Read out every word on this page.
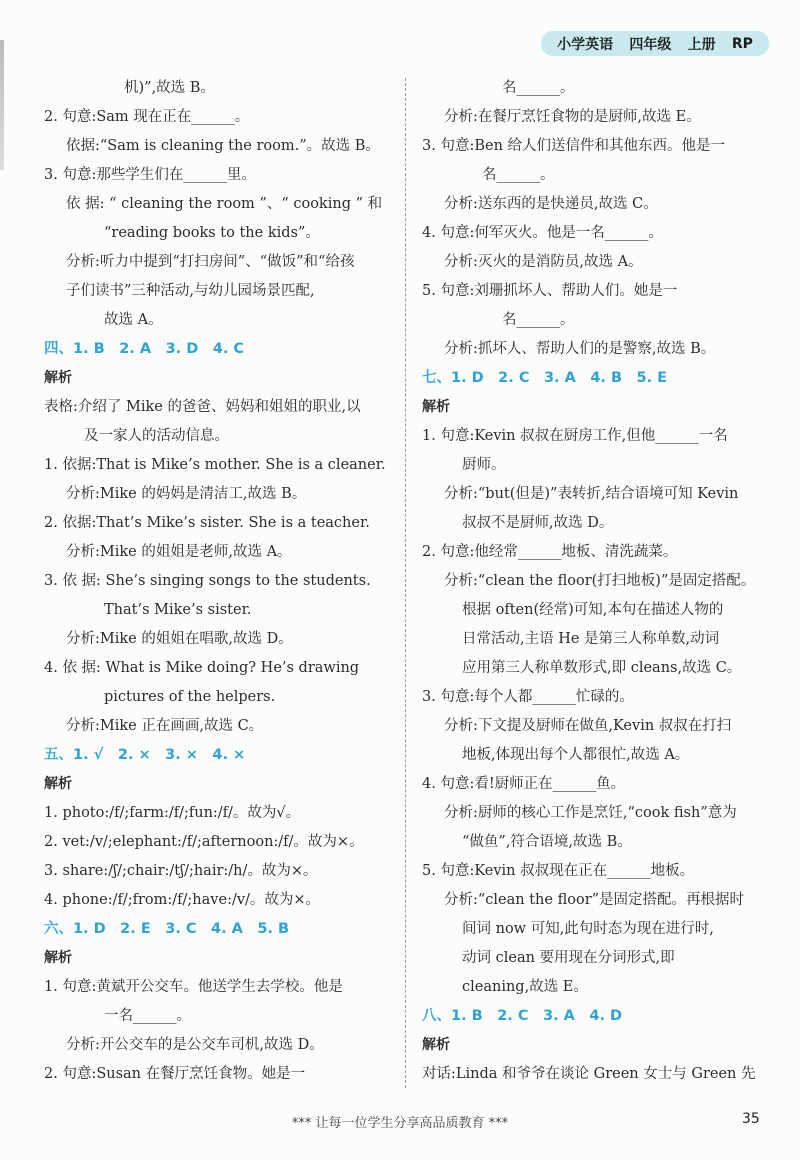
小学英语 四年级 上册 RP
机)”,故选 B。
2. 句意:Sam 现在正在______。
依据:“Sam is cleaning the room.”。故选 B。
3. 句意:那些学生们在______里。
依 据: “ cleaning the room ”、“ cooking ” 和
“reading books to the kids”。
分析:听力中提到“打扫房间”、“做饭”和“给孩
子们读书”三种活动,与幼儿园场景匹配,
故选 A。
四、1. B　2. A　3. D　4. C
解析
表格:介绍了 Mike 的爸爸、妈妈和姐姐的职业,以
及一家人的活动信息。
1. 依据:That is Mike’s mother. She is a cleaner.
分析:Mike 的妈妈是清洁工,故选 B。
2. 依据:That’s Mike’s sister. She is a teacher.
分析:Mike 的姐姐是老师,故选 A。
3. 依 据: She’s singing songs to the students.
That’s Mike’s sister.
分析:Mike 的姐姐在唱歌,故选 D。
4. 依 据: What is Mike doing? He’s drawing
pictures of the helpers.
分析:Mike 正在画画,故选 C。
五、1. √　2. ×　3. ×　4. ×
解析
1. photo:/f/;farm:/f/;fun:/f/。故为√。
2. vet:/v/;elephant:/f/;afternoon:/f/。故为×。
3. share:/ʃ/;chair:/tʃ/;hair:/h/。故为×。
4. phone:/f/;from:/f/;have:/v/。故为×。
六、1. D　2. E　3. C　4. A　5. B
解析
1. 句意:黄斌开公交车。他送学生去学校。他是
一名______。
分析:开公交车的是公交车司机,故选 D。
2. 句意:Susan 在餐厅烹饪食物。她是一
名______。
分析:在餐厅烹饪食物的是厨师,故选 E。
3. 句意:Ben 给人们送信件和其他东西。他是一
名______。
分析:送东西的是快递员,故选 C。
4. 句意:何军灭火。他是一名______。
分析:灭火的是消防员,故选 A。
5. 句意:刘珊抓坏人、帮助人们。她是一
名______。
分析:抓坏人、帮助人们的是警察,故选 B。
七、1. D　2. C　3. A　4. B　5. E
解析
1. 句意:Kevin 叔叔在厨房工作,但他______一名
厨师。
分析:“but(但是)”表转折,结合语境可知 Kevin
叔叔不是厨师,故选 D。
2. 句意:他经常______地板、清洗蔬菜。
分析:“clean the floor(打扫地板)”是固定搭配。
根据 often(经常)可知,本句在描述人物的
日常活动,主语 He 是第三人称单数,动词
应用第三人称单数形式,即 cleans,故选 C。
3. 句意:每个人都______忙碌的。
分析:下文提及厨师在做鱼,Kevin 叔叔在打扫
地板,体现出每个人都很忙,故选 A。
4. 句意:看!厨师正在______鱼。
分析:厨师的核心工作是烹饪,“cook fish”意为
“做鱼”,符合语境,故选 B。
5. 句意:Kevin 叔叔现在正在______地板。
分析:“clean the floor”是固定搭配。再根据时
间词 now 可知,此句时态为现在进行时,
动词 clean 要用现在分词形式,即
cleaning,故选 E。
八、1. B　2. C　3. A　4. D
解析
对话:Linda 和爷爷在谈论 Green 女士与 Green 先
*** 让每一位学生分享高品质教育 ***	35
